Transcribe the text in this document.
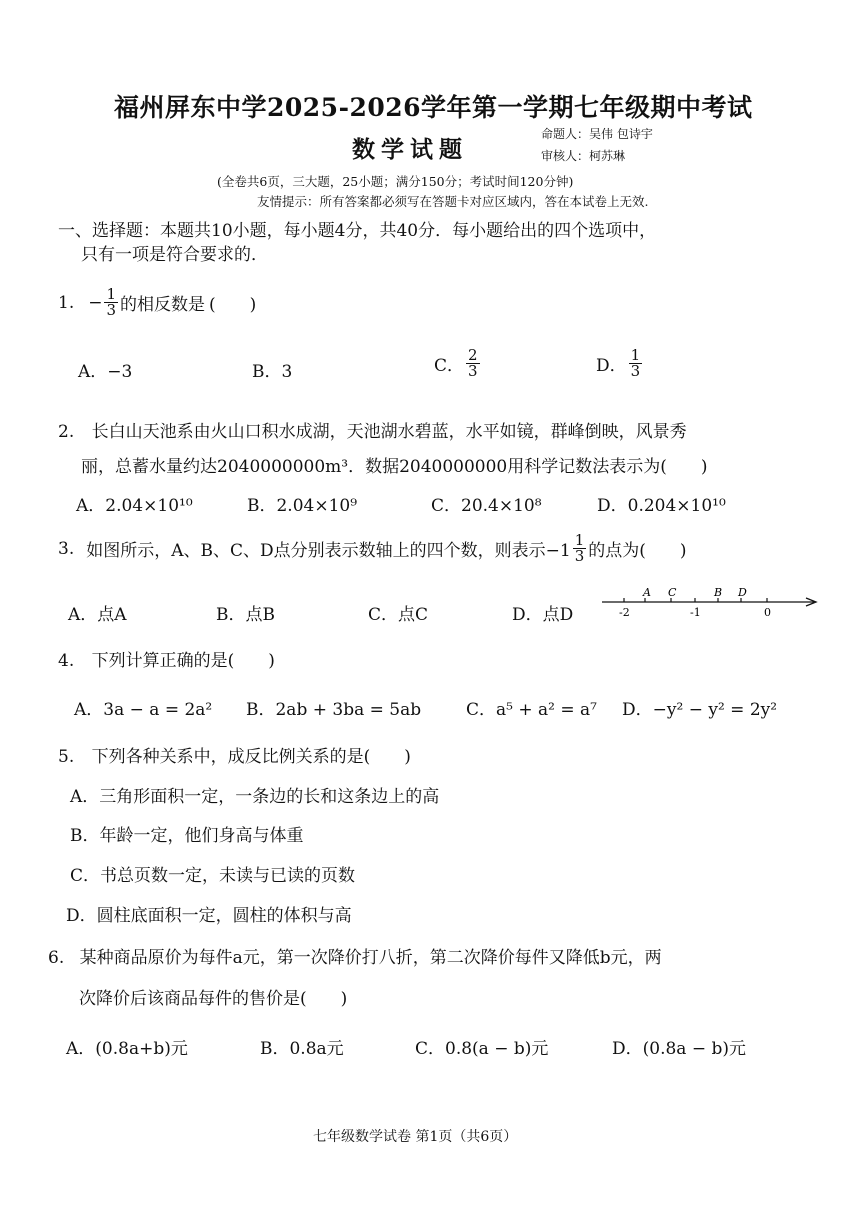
福州屏东中学2025-2026学年第一学期七年级期中考试
数学试题
命题人：吴伟 包诗宇
审核人：柯苏琳
(全卷共6页，三大题，25小题；满分150分；考试时间120分钟)
友情提示：所有答案都必须写在答题卡对应区域内，答在本试卷上无效.
一、选择题：本题共10小题，每小题4分，共40分．每小题给出的四个选项中，
只有一项是符合要求的．
1. − $\frac{1}{3}$ 的相反数是 (　　)
A．−3	B．3	C． $\frac{2}{3}$	D． $\frac{1}{3}$
2. 长白山天池系由火山口积水成湖，天池湖水碧蓝，水平如镜，群峰倒映，风景秀
丽，总蓄水量约达2040000000m³．数据2040000000用科学记数法表示为(　　)
A．2.04×10¹⁰	B．2.04×10⁹	C．20.4×10⁸	D．0.204×10¹⁰
3. 如图所示，A、B、C、D点分别表示数轴上的四个数，则表示$-1 \frac{1}{3}$ 的点为(　　)
A．点A	B．点B	C．点C	D．点D
A C	B D
-2	-1	0
4. 下列计算正确的是(　　)
A．3a − a = 2a² B．2ab + 3ba = 5ab	C．a⁵ + a² = a⁷ D．−y² − y² = 2y²
5. 下列各种关系中，成反比例关系的是(　　)
A．三角形面积一定，一条边的长和这条边上的高
B．年龄一定，他们身高与体重
C．书总页数一定，未读与已读的页数
D．圆柱底面积一定，圆柱的体积与高
6. 某种商品原价为每件a元，第一次降价打八折，第二次降价每件又降低b元，两
次降价后该商品每件的售价是(　　)
A．(0.8a+b)元	B．0.8a元	C．0.8(a − b)元	D．(0.8a − b)元
七年级数学试卷 第1页（共6页）
